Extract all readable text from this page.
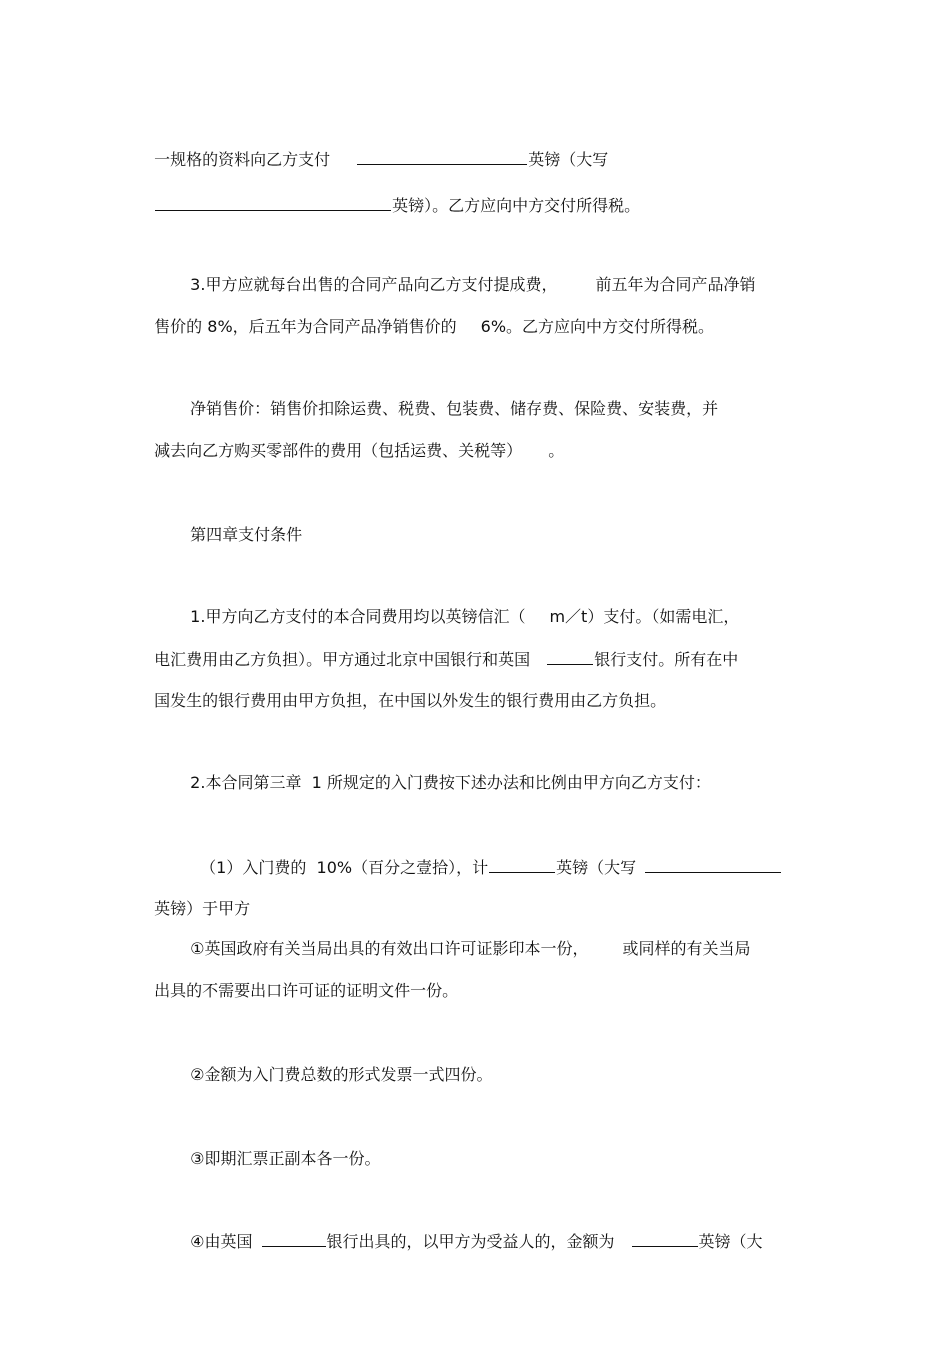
一规格的资料向乙方支付	英镑（大写

英镑）。乙方应向中方交付所得税。

3.甲方应就每台出售的合同产品向乙方支付提成费， 前五年为合同产品净销

售价的 8%，后五年为合同产品净销售价的 6%。乙方应向中方交付所得税。

净销售价：销售价扣除运费、税费、包装费、储存费、保险费、安装费，并

减去向乙方购买零部件的费用（包括运费、关税等） 。

第四章支付条件

1.甲方向乙方支付的本合同费用均以英镑信汇（ m／t）支付。（如需电汇，

电汇费用由乙方负担）。甲方通过北京中国银行和英国	银行支付。所有在中

国发生的银行费用由甲方负担，在中国以外发生的银行费用由乙方负担。

2.本合同第三章  1 所规定的入门费按下述办法和比例由甲方向乙方支付：

（1）入门费的  10%（百分之壹拾），计	英镑（大写

英镑）于甲方

①英国政府有关当局出具的有效出口许可证影印本一份， 或同样的有关当局

出具的不需要出口许可证的证明文件一份。

②金额为入门费总数的形式发票一式四份。

③即期汇票正副本各一份。

④由英国	银行出具的，以甲方为受益人的，金额为	英镑（大
